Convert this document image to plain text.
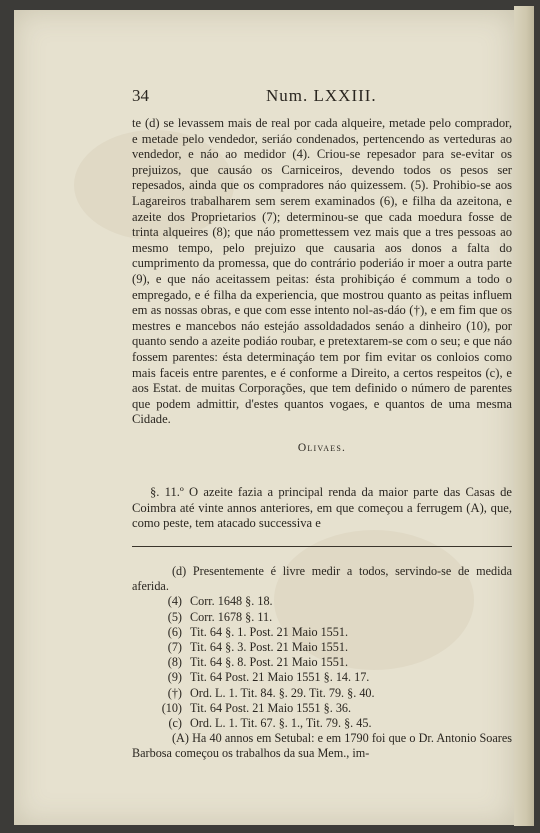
34	Num. LXXIII.

te (d) se levassem mais de real por cada alqueire, metade pelo comprador, e metade pelo vendedor, seriáo condenados, pertencendo as verteduras ao vendedor, e náo ao medidor (4). Criou-se repesador para se-evitar os prejuizos, que causáo os Carniceiros, devendo todos os pesos ser repesados, ainda que os compradores náo quizessem. (5). Prohibio-se aos Lagareiros trabalharem sem serem examinados (6), e filha da azeitona, e azeite dos Proprietarios (7); determinou-se que cada moedura fosse de trinta alqueires (8); que náo promettessem vez mais que a tres pessoas ao mesmo tempo, pelo prejuizo que causaria aos donos a falta do cumprimento da promessa, que do contrário poderiáo ir moer a outra parte (9), e que náo aceitassem peitas: ésta prohibiçáo é commum a todo o empregado, e é filha da experiencia, que mostrou quanto as peitas influem em as nossas obras, e que com esse intento nol-as-dáo (†), e em fim que os mestres e mancebos náo estejáo assoldadados senáo a dinheiro (10), por quanto sendo a azeite podiáo roubar, e pretextarem-se com o seu; e que náo fossem parentes: ésta determinaçáo tem por fim evitar os conloios como mais faceis entre parentes, e é conforme a Direito, a certos respeitos (c), e aos Estat. de muitas Corporações, que tem definido o número de parentes que podem admittir, d'estes quantos vogaes, e quantos de uma mesma Cidade.

Olivaes.
§. 11.º O azeite fazia a principal renda da maior parte das Casas de Coimbra até vinte annos anteriores, em que começou a ferrugem (A), que, como peste, tem atacado successiva e

(d) Presentemente é livre medir a todos, servindo-se de medida aferida.

(4) Corr. 1648 §. 18.
(5) Corr. 1678 §. 11.
(6) Tit. 64 §. 1. Post. 21 Maio 1551.
(7) Tit. 64 §. 3. Post. 21 Maio 1551.
(8) Tit. 64 §. 8. Post. 21 Maio 1551.
(9) Tit. 64 Post. 21 Maio 1551 §. 14. 17.
(†) Ord. L. 1. Tit. 84. §. 29. Tit. 79. §. 40.
(10) Tit. 64 Post. 21 Maio 1551 §. 36.
(c) Ord. L. 1. Tit. 67. §. 1., Tit. 79. §. 45.

(A) Ha 40 annos em Setubal: e em 1790 foi que o Dr. Antonio Soares Barbosa começou os trabalhos da sua Mem., im-
